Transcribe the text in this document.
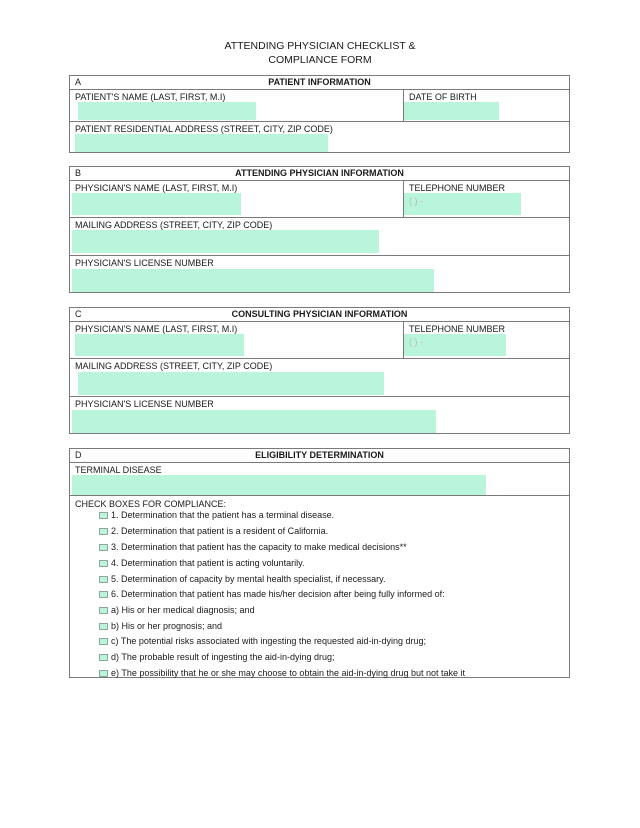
ATTENDING PHYSICIAN CHECKLIST &
COMPLIANCE FORM
A	PATIENT INFORMATION
PATIENT'S NAME (LAST, FIRST, M.I)	DATE OF BIRTH
PATIENT RESIDENTIAL ADDRESS (STREET, CITY, ZIP CODE)
B	ATTENDING PHYSICIAN INFORMATION
PHYSICIAN'S NAME (LAST, FIRST, M.I)	TELEPHONE NUMBER
( ) -
MAILING ADDRESS (STREET, CITY, ZIP CODE)
PHYSICIAN'S LICENSE NUMBER
C	CONSULTING PHYSICIAN INFORMATION
PHYSICIAN'S NAME (LAST, FIRST, M.I)	TELEPHONE NUMBER
( ) -
MAILING ADDRESS (STREET, CITY, ZIP CODE)
PHYSICIAN'S LICENSE NUMBER
D	ELIGIBILITY DETERMINATION
TERMINAL DISEASE
CHECK BOXES FOR COMPLIANCE:
1. Determination that the patient has a terminal disease.
2. Determination that patient is a resident of California.
3. Determination that patient has the capacity to make medical decisions**
4. Determination that patient is acting voluntarily.
5. Determination of capacity by mental health specialist, if necessary.
6. Determination that patient has made his/her decision after being fully informed of:
a) His or her medical diagnosis; and
b) His or her prognosis; and
c) The potential risks associated with ingesting the requested aid-in-dying drug;
d) The probable result of ingesting the aid-in-dying drug;
e) The possibility that he or she may choose to obtain the aid-in-dying drug but not take it
